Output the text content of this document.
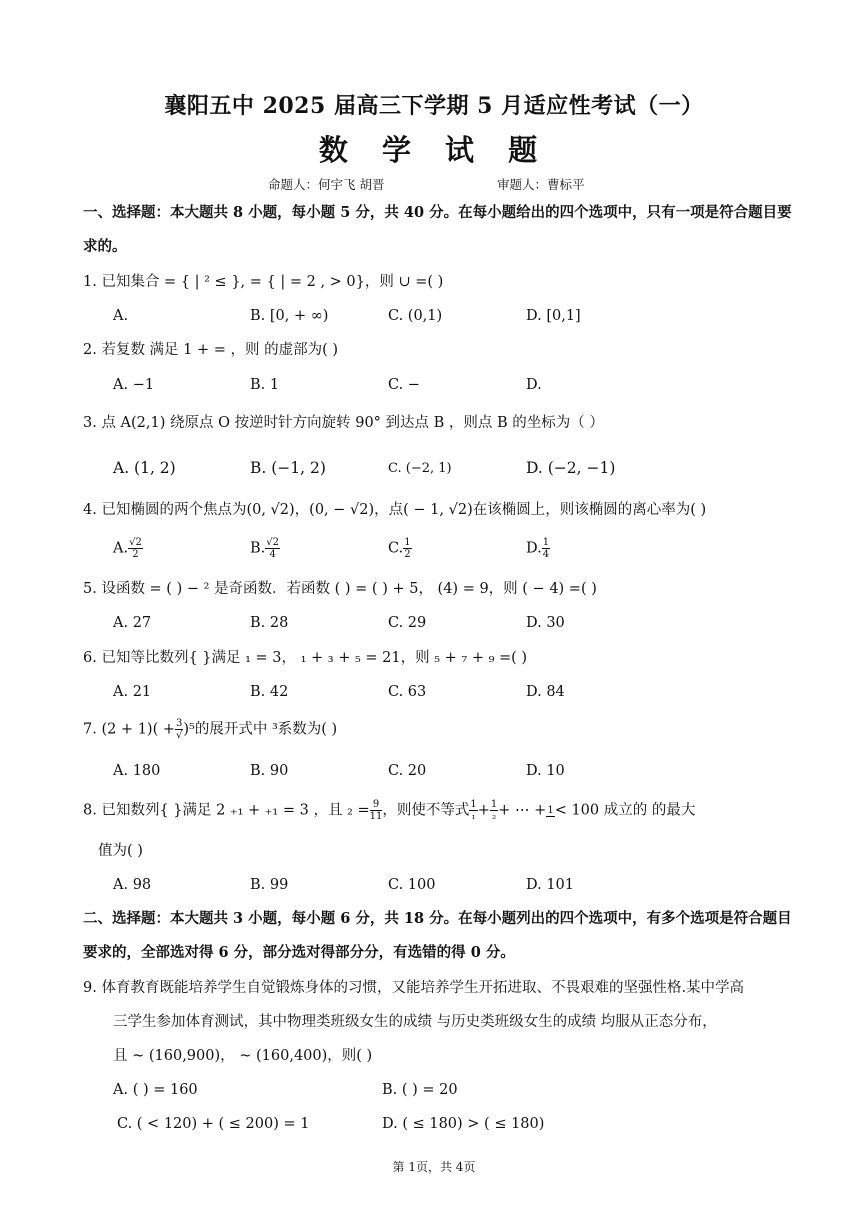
襄阳五中 2025 届高三下学期 5 月适应性考试（一）
数 学 试 题
命题人：何宇飞 胡晋	审题人：曹标平
一、选择题：本大题共 8 小题，每小题 5 分，共 40 分。在每小题给出的四个选项中，只有一项是符合题目要求的。
1. 已知集合 = { | ² ≤ }, = { | = 2 , > 0}，则 ∪ =( )
A.	B. [0, + ∞)	C. (0,1)	D. [0,1]
2. 若复数 满足 1 + = ，则 的虚部为( )
A. −1	B. 1	C. −	D.
3. 点 A(2,1) 绕原点 O 按逆时针方向旋转 90° 到达点 B ，则点 B 的坐标为（ ）
A. (1, 2)	B. (−1, 2)	C. (−2, 1)	D. (−2, −1)
4. 已知椭圆的两个焦点为(0, √2)，(0, − √2)，点( − 1, √2)在该椭圆上，则该椭圆的离心率为( )
A. $\frac{√2}{2}$	B. $\frac{√2}{4}$	C. $\frac{1}{2}$	D. $\frac{1}{4}$
5. 设函数 = ( ) − ² 是奇函数．若函数 ( ) = ( ) + 5， (4) = 9，则 ( − 4) =( )
A. 27	B. 28	C. 29	D. 30
6. 已知等比数列{ }满足 ₁ = 3， ₁ + ₃ + ₅ = 21，则 ₅ + ₇ + ₉ =( )
A. 21	B. 42	C. 63	D. 84
7. $(2 + 1)( + \frac{3}{√} )^5$的展开式中 ³系数为( )
A. 180	B. 90	C. 20	D. 10
8. 已知数列{ }满足 2 ₊₁ + ₊₁ = 3 ，且 $_2 = \frac{9}{11}$ ，则使不等式 $\frac{1}{\text{₁}} + \frac{1}{\text{₂}}$ + ⋯ + 1 < 100 成立的 的最大
值为( )
A. 98	B. 99	C. 100	D. 101
二、选择题：本大题共 3 小题，每小题 6 分，共 18 分。在每小题列出的四个选项中，有多个选项是符合题目要求的，全部选对得 6 分，部分选对得部分分，有选错的得 0 分。
9. 体育教育既能培养学生自觉锻炼身体的习惯，又能培养学生开拓进取、不畏艰难的坚强性格.某中学高
三学生参加体育测试，其中物理类班级女生的成绩 与历史类班级女生的成绩 均服从正态分布，
且 ~ (160,900)， ~ (160,400)，则( )
A. ( ) = 160	B. ( ) = 20
C. ( < 120) + ( ≤ 200) = 1	D. ( ≤ 180) > ( ≤ 180)
第 1页，共 4页
